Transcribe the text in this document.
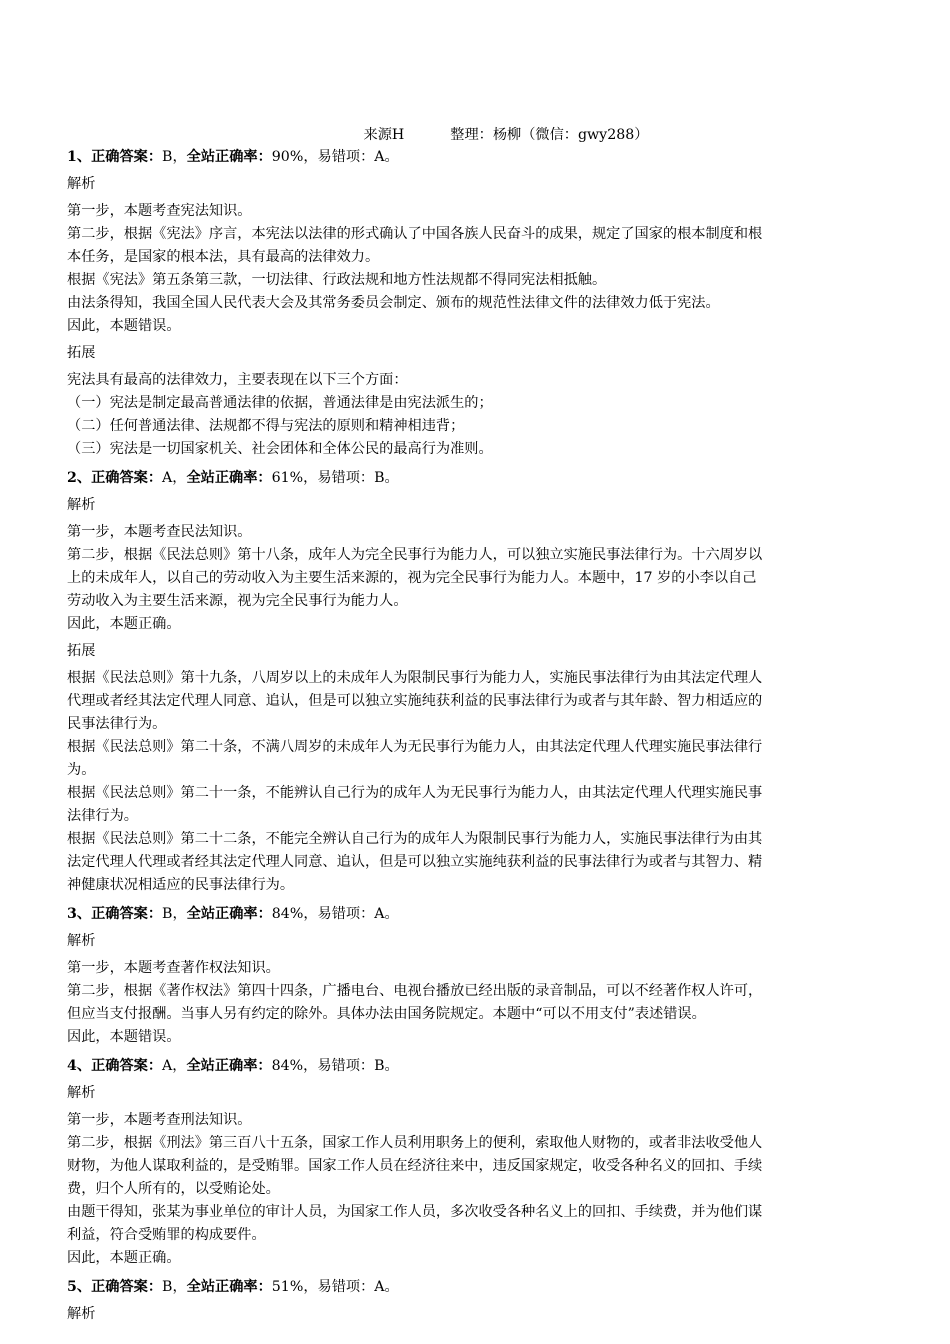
来源H	整理：杨柳（微信：gwy288）
1、正确答案：B，全站正确率：90%，易错项：A。
解析
第一步，本题考查宪法知识。
第二步，根据《宪法》序言，本宪法以法律的形式确认了中国各族人民奋斗的成果，规定了国家的根本制度和根
本任务，是国家的根本法，具有最高的法律效力。
根据《宪法》第五条第三款，一切法律、行政法规和地方性法规都不得同宪法相抵触。
由法条得知，我国全国人民代表大会及其常务委员会制定、颁布的规范性法律文件的法律效力低于宪法。
因此，本题错误。
拓展
宪法具有最高的法律效力，主要表现在以下三个方面：
（一）宪法是制定最高普通法律的依据，普通法律是由宪法派生的；
（二）任何普通法律、法规都不得与宪法的原则和精神相违背；
（三）宪法是一切国家机关、社会团体和全体公民的最高行为准则。
2、正确答案：A，全站正确率：61%，易错项：B。
解析
第一步，本题考查民法知识。
第二步，根据《民法总则》第十八条，成年人为完全民事行为能力人，可以独立实施民事法律行为。十六周岁以
上的未成年人，以自己的劳动收入为主要生活来源的，视为完全民事行为能力人。本题中，17 岁的小李以自己
劳动收入为主要生活来源，视为完全民事行为能力人。
因此，本题正确。
拓展
根据《民法总则》第十九条，八周岁以上的未成年人为限制民事行为能力人，实施民事法律行为由其法定代理人
代理或者经其法定代理人同意、追认，但是可以独立实施纯获利益的民事法律行为或者与其年龄、智力相适应的
民事法律行为。
根据《民法总则》第二十条，不满八周岁的未成年人为无民事行为能力人，由其法定代理人代理实施民事法律行
为。
根据《民法总则》第二十一条，不能辨认自己行为的成年人为无民事行为能力人，由其法定代理人代理实施民事
法律行为。
根据《民法总则》第二十二条，不能完全辨认自己行为的成年人为限制民事行为能力人，实施民事法律行为由其
法定代理人代理或者经其法定代理人同意、追认，但是可以独立实施纯获利益的民事法律行为或者与其智力、精
神健康状况相适应的民事法律行为。
3、正确答案：B，全站正确率：84%，易错项：A。
解析
第一步，本题考查著作权法知识。
第二步，根据《著作权法》第四十四条，广播电台、电视台播放已经出版的录音制品，可以不经著作权人许可，
但应当支付报酬。当事人另有约定的除外。具体办法由国务院规定。本题中“可以不用支付”表述错误。
因此，本题错误。
4、正确答案：A，全站正确率：84%，易错项：B。
解析
第一步，本题考查刑法知识。
第二步，根据《刑法》第三百八十五条，国家工作人员利用职务上的便利，索取他人财物的，或者非法收受他人
财物，为他人谋取利益的，是受贿罪。国家工作人员在经济往来中，违反国家规定，收受各种名义的回扣、手续
费，归个人所有的，以受贿论处。
由题干得知，张某为事业单位的审计人员，为国家工作人员，多次收受各种名义上的回扣、手续费，并为他们谋
利益，符合受贿罪的构成要件。
因此，本题正确。
5、正确答案：B，全站正确率：51%，易错项：A。
解析
